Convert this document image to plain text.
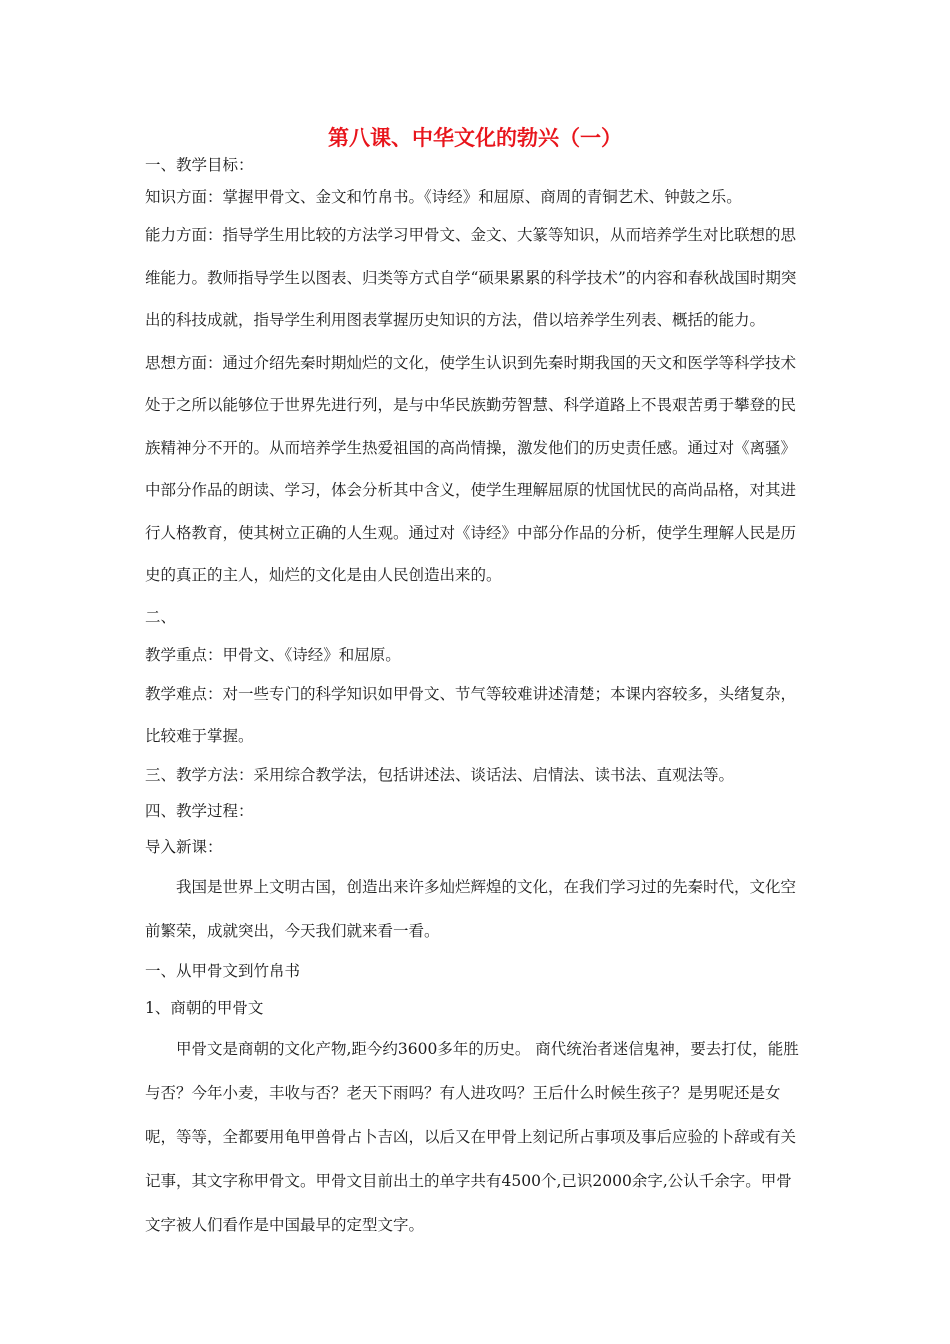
第八课、中华文化的勃兴（一）

一、教学目标：

知识方面：掌握甲骨文、金文和竹帛书。《诗经》和屈原、商周的青铜艺术、钟鼓之乐。

能力方面：指导学生用比较的方法学习甲骨文、金文、大篆等知识，从而培养学生对比联想的思维能力。教师指导学生以图表、归类等方式自学“硕果累累的科学技术”的内容和春秋战国时期突出的科技成就，指导学生利用图表掌握历史知识的方法，借以培养学生列表、概括的能力。

思想方面：通过介绍先秦时期灿烂的文化，使学生认识到先秦时期我国的天文和医学等科学技术处于之所以能够位于世界先进行列，是与中华民族勤劳智慧、科学道路上不畏艰苦勇于攀登的民族精神分不开的。从而培养学生热爱祖国的高尚情操，激发他们的历史责任感。通过对《离骚》中部分作品的朗读、学习，体会分析其中含义，使学生理解屈原的忧国忧民的高尚品格，对其进行人格教育，使其树立正确的人生观。通过对《诗经》中部分作品的分析，使学生理解人民是历史的真正的主人，灿烂的文化是由人民创造出来的。

二、

教学重点：甲骨文、《诗经》和屈原。

教学难点：对一些专门的科学知识如甲骨文、节气等较难讲述清楚；本课内容较多，头绪复杂，比较难于掌握。

三、教学方法：采用综合教学法，包括讲述法、谈话法、启情法、读书法、直观法等。

四、教学过程：

导入新课：

我国是世界上文明古国，创造出来许多灿烂辉煌的文化，在我们学习过的先秦时代，文化空前繁荣，成就突出，今天我们就来看一看。

一、从甲骨文到竹帛书

1、商朝的甲骨文

甲骨文是商朝的文化产物,距今约3600多年的历史。 商代统治者迷信鬼神，要去打仗，能胜与否？今年小麦，丰收与否？老天下雨吗？有人进攻吗？王后什么时候生孩子？是男呢还是女呢，等等，全都要用龟甲兽骨占卜吉凶，以后又在甲骨上刻记所占事项及事后应验的卜辞或有关记事，其文字称甲骨文。甲骨文目前出土的单字共有4500个,已识2000余字,公认千余字。甲骨文字被人们看作是中国最早的定型文字。
